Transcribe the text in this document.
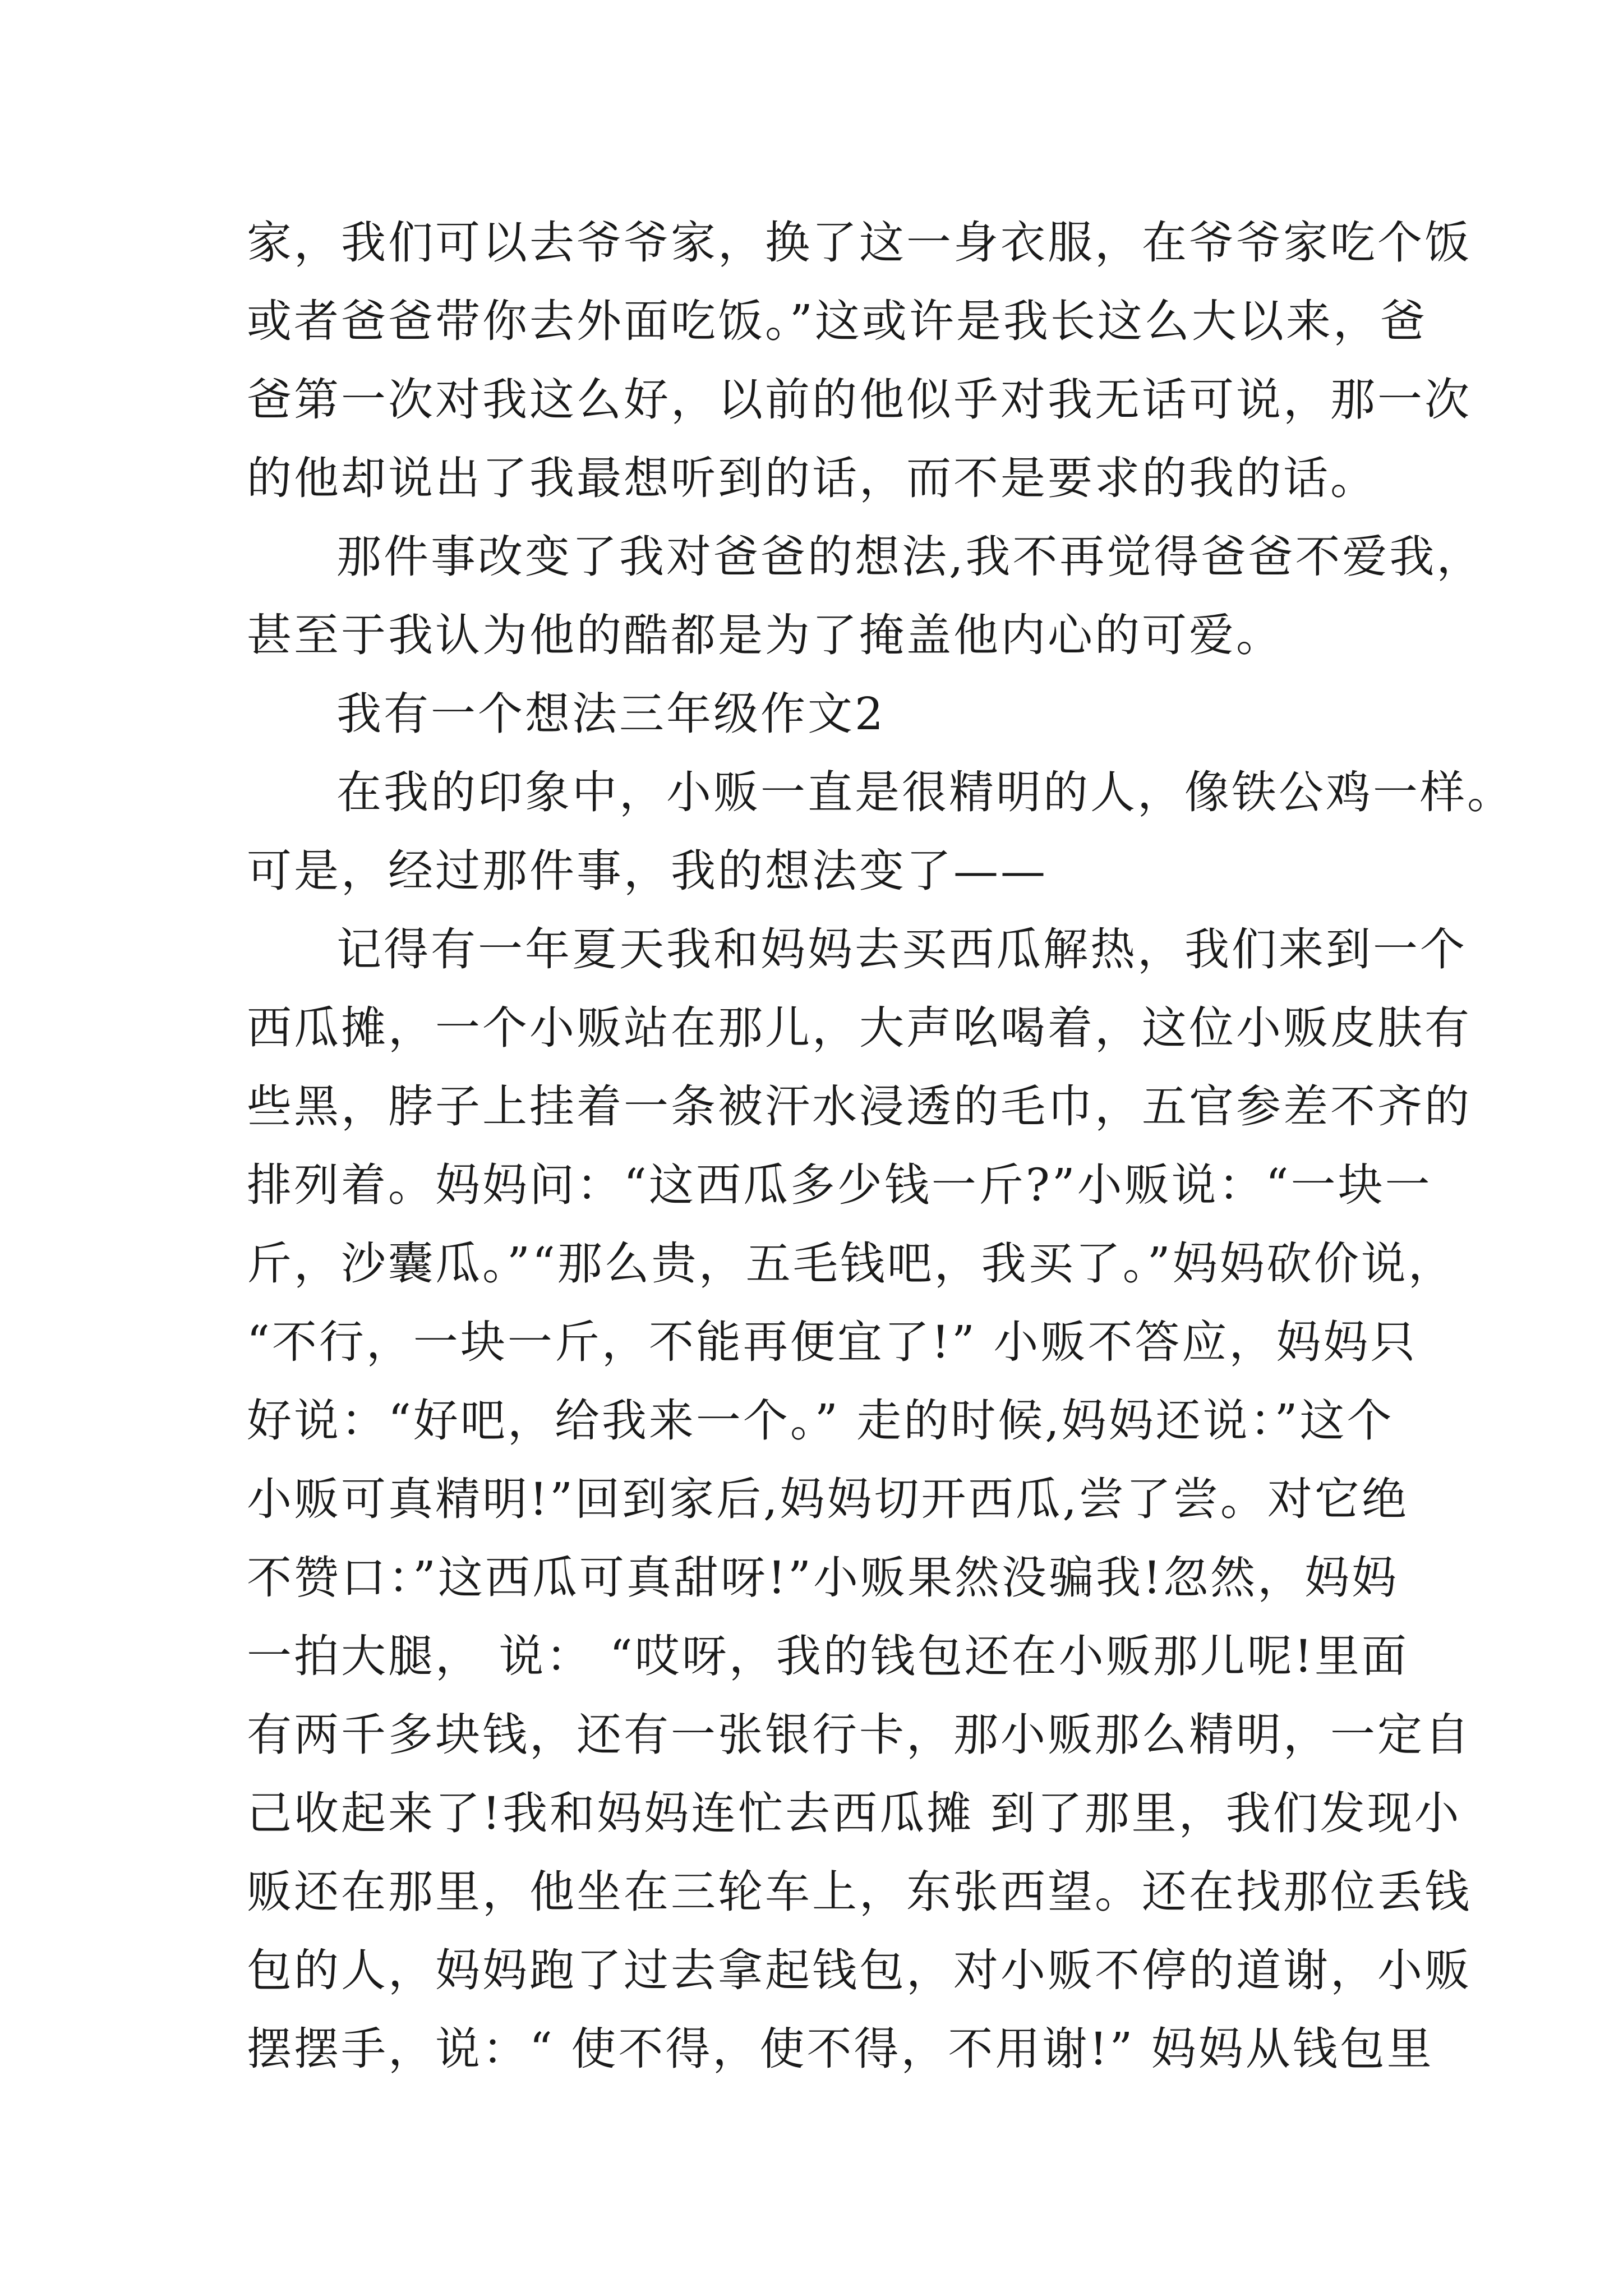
家，我们可以去爷爷家，换了这一身衣服，在爷爷家吃个饭
或者爸爸带你去外面吃饭。”这或许是我长这么大以来，爸
爸第一次对我这么好，以前的他似乎对我无话可说，那一次
的他却说出了我最想听到的话，而不是要求的我的话。
那件事改变了我对爸爸的想法,我不再觉得爸爸不爱我，
甚至于我认为他的酷都是为了掩盖他内心的可爱。
我有一个想法三年级作文2
在我的印象中，小贩一直是很精明的人，像铁公鸡一样。
可是，经过那件事，我的想法变了——
记得有一年夏天我和妈妈去买西瓜解热，我们来到一个
西瓜摊，一个小贩站在那儿，大声吆喝着，这位小贩皮肤有
些黑，脖子上挂着一条被汗水浸透的毛巾，五官参差不齐的
排列着。妈妈问：“这西瓜多少钱一斤?”小贩说：“一块一
斤，沙囊瓜。”“那么贵，五毛钱吧，我买了。”妈妈砍价说，
“不行，一块一斤，不能再便宜了!” 小贩不答应，妈妈只
好说：“好吧，给我来一个。” 走的时候,妈妈还说：”这个
小贩可真精明!”回到家后,妈妈切开西瓜,尝了尝。对它绝
不赞口：”这西瓜可真甜呀!”小贩果然没骗我!忽然，妈妈
一拍大腿， 说： “哎呀，我的钱包还在小贩那儿呢!里面
有两千多块钱，还有一张银行卡，那小贩那么精明，一定自
己收起来了!我和妈妈连忙去西瓜摊 到了那里，我们发现小
贩还在那里，他坐在三轮车上，东张西望。还在找那位丢钱
包的人，妈妈跑了过去拿起钱包，对小贩不停的道谢，小贩
摆摆手，说：“ 使不得，使不得，不用谢!” 妈妈从钱包里
